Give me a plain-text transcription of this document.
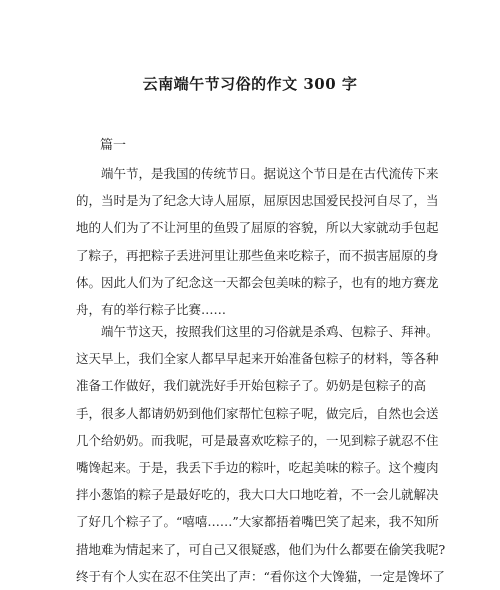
云南端午节习俗的作文 300 字
篇一
端午节，是我国的传统节日。据说这个节日是在古代流传下来
的，当时是为了纪念大诗人屈原，屈原因忠国爱民投河自尽了，当
地的人们为了不让河里的鱼毁了屈原的容貌，所以大家就动手包起
了粽子，再把粽子丢进河里让那些鱼来吃粽子，而不损害屈原的身
体。因此人们为了纪念这一天都会包美味的粽子，也有的地方赛龙
舟，有的举行粽子比赛……
端午节这天，按照我们这里的习俗就是杀鸡、包粽子、拜神。
这天早上，我们全家人都早早起来开始准备包粽子的材料，等各种
准备工作做好，我们就洗好手开始包粽子了。奶奶是包粽子的高
手，很多人都请奶奶到他们家帮忙包粽子呢，做完后，自然也会送
几个给奶奶。而我呢，可是最喜欢吃粽子的，一见到粽子就忍不住
嘴馋起来。于是，我丢下手边的粽叶，吃起美味的粽子。这个瘦肉
拌小葱馅的粽子是最好吃的，我大口大口地吃着，不一会儿就解决
了好几个粽子了。“嘻嘻……”大家都捂着嘴巴笑了起来，我不知所
措地难为情起来了，可自己又很疑惑，他们为什么都要在偷笑我呢?
终于有个人实在忍不住笑出了声：“看你这个大馋猫，一定是馋坏了
